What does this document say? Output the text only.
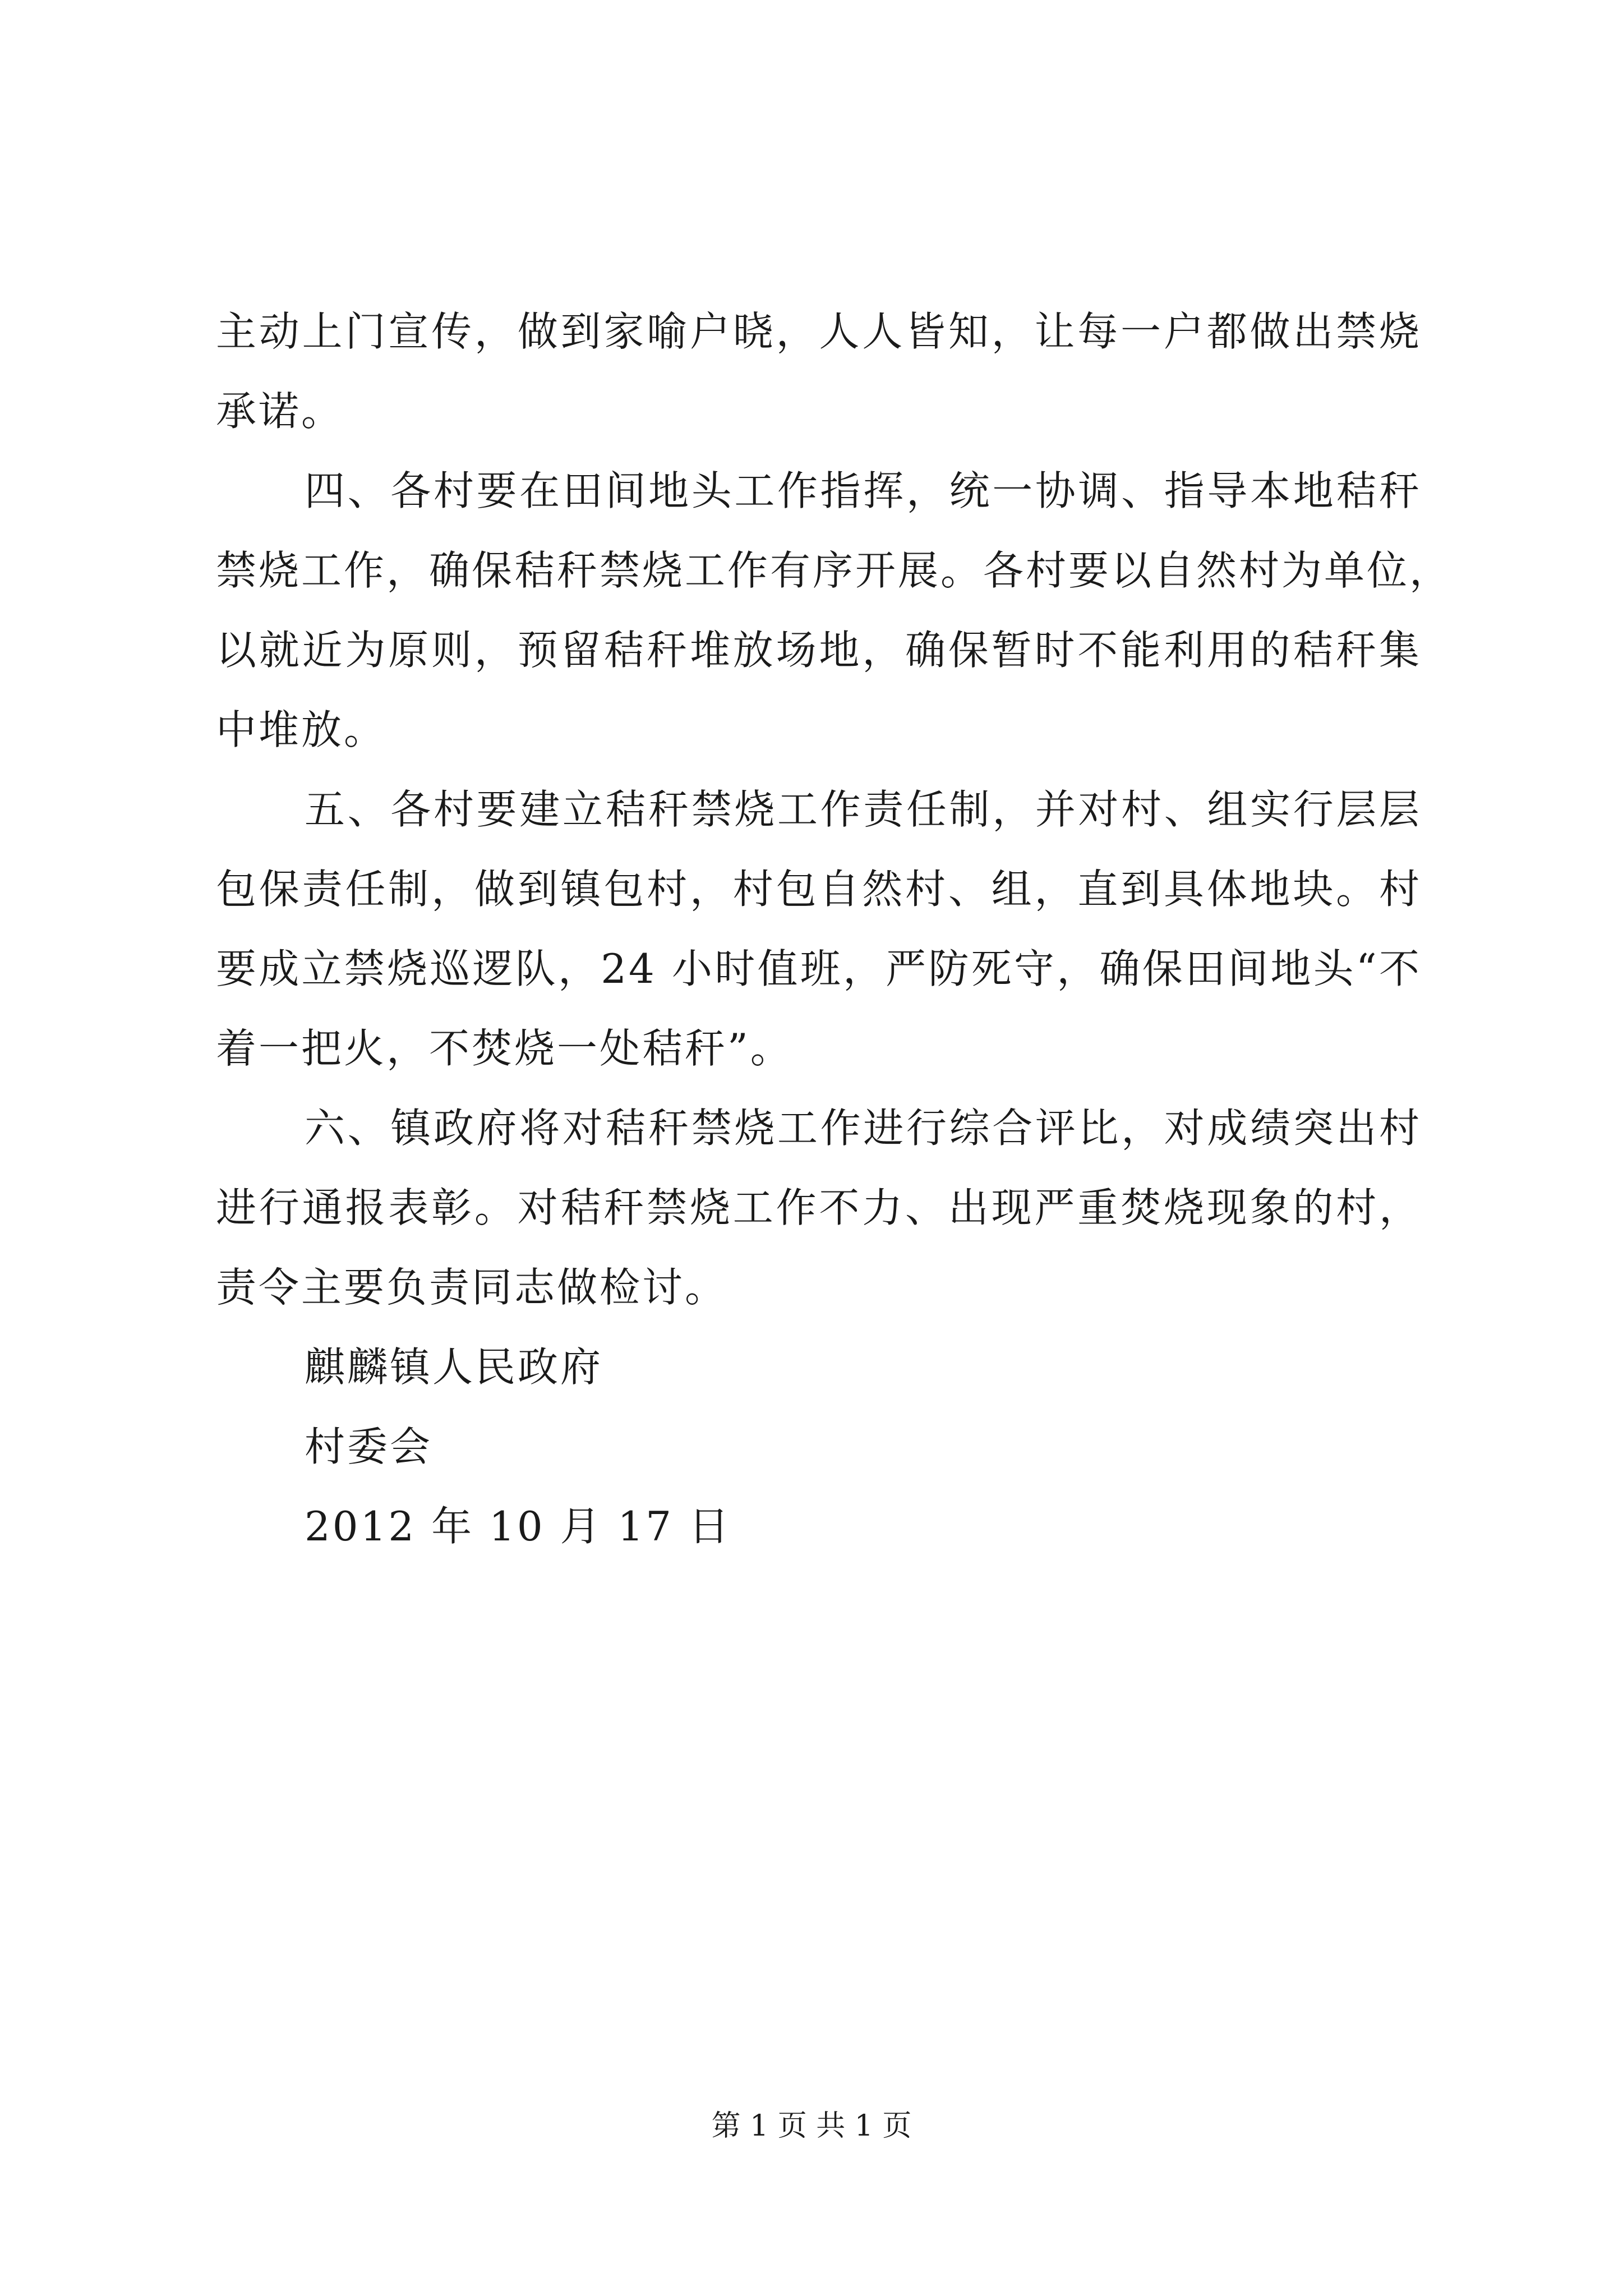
主动上门宣传，做到家喻户晓，人人皆知，让每一户都做出禁烧
承诺。
四、各村要在田间地头工作指挥，统一协调、指导本地秸秆
禁烧工作，确保秸秆禁烧工作有序开展。各村要以自然村为单位，
以就近为原则，预留秸秆堆放场地，确保暂时不能利用的秸秆集
中堆放。
五、各村要建立秸秆禁烧工作责任制，并对村、组实行层层
包保责任制，做到镇包村，村包自然村、组，直到具体地块。村
要成立禁烧巡逻队，24 小时值班，严防死守，确保田间地头“不
着一把火，不焚烧一处秸秆”。
六、镇政府将对秸秆禁烧工作进行综合评比，对成绩突出村
进行通报表彰。对秸秆禁烧工作不力、出现严重焚烧现象的村，
责令主要负责同志做检讨。
麒麟镇人民政府
村委会
2012 年 10 月 17 日
第 1 页 共 1 页
